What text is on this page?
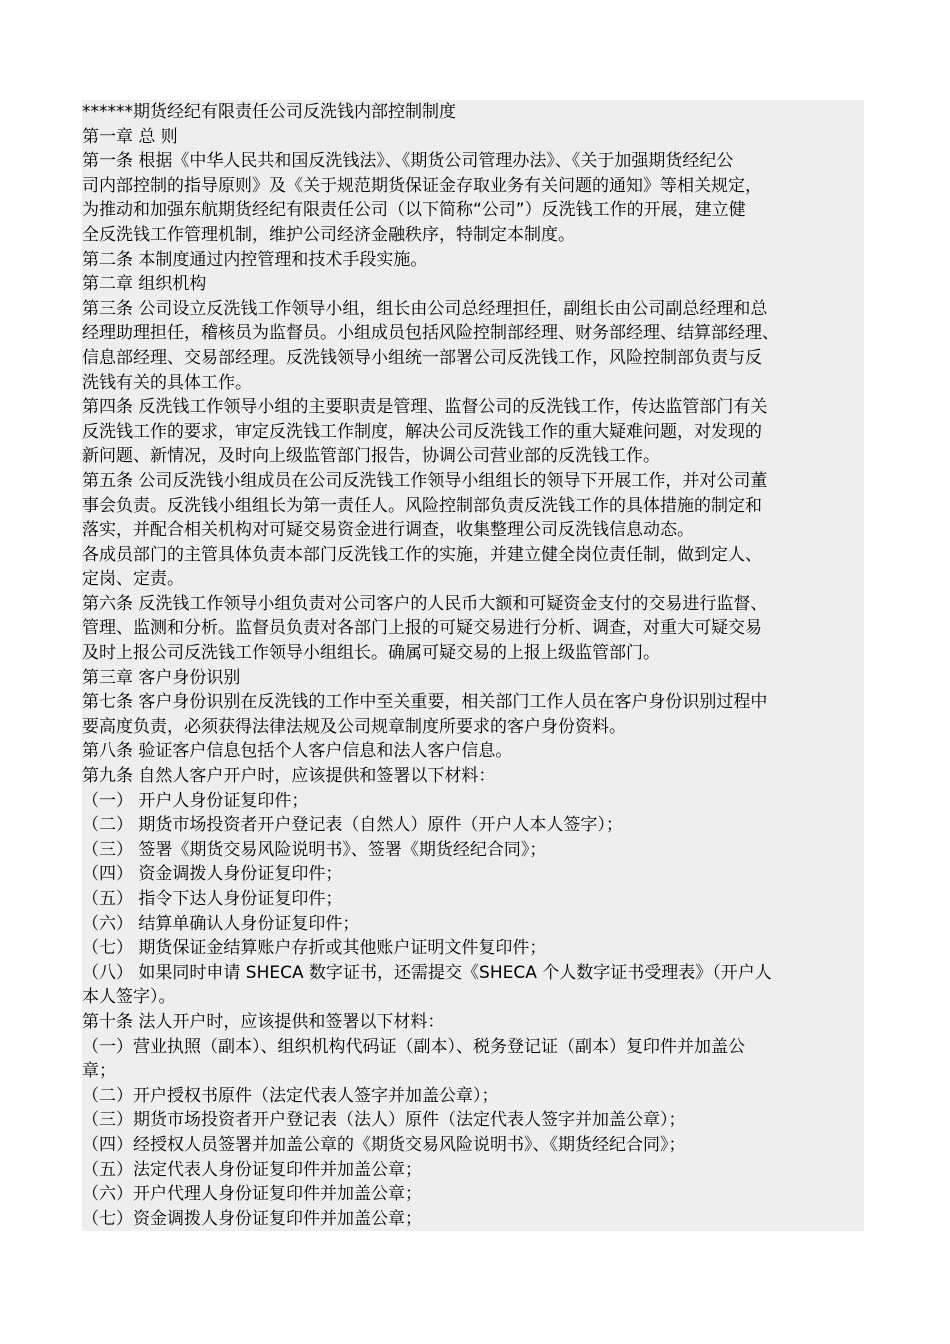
******期货经纪有限责任公司反洗钱内部控制制度
第一章 总 则
第一条 根据《中华人民共和国反洗钱法》、《期货公司管理办法》、《关于加强期货经纪公
司内部控制的指导原则》及《关于规范期货保证金存取业务有关问题的通知》等相关规定，
为推动和加强东航期货经纪有限责任公司（以下简称“公司”）反洗钱工作的开展，建立健
全反洗钱工作管理机制，维护公司经济金融秩序，特制定本制度。
第二条 本制度通过内控管理和技术手段实施。
第二章 组织机构
第三条 公司设立反洗钱工作领导小组，组长由公司总经理担任，副组长由公司副总经理和总
经理助理担任，稽核员为监督员。小组成员包括风险控制部经理、财务部经理、结算部经理、
信息部经理、交易部经理。反洗钱领导小组统一部署公司反洗钱工作，风险控制部负责与反
洗钱有关的具体工作。
第四条 反洗钱工作领导小组的主要职责是管理、监督公司的反洗钱工作，传达监管部门有关
反洗钱工作的要求，审定反洗钱工作制度，解决公司反洗钱工作的重大疑难问题，对发现的
新问题、新情况，及时向上级监管部门报告，协调公司营业部的反洗钱工作。
第五条 公司反洗钱小组成员在公司反洗钱工作领导小组组长的领导下开展工作，并对公司董
事会负责。反洗钱小组组长为第一责任人。风险控制部负责反洗钱工作的具体措施的制定和
落实，并配合相关机构对可疑交易资金进行调查，收集整理公司反洗钱信息动态。
各成员部门的主管具体负责本部门反洗钱工作的实施，并建立健全岗位责任制，做到定人、
定岗、定责。
第六条 反洗钱工作领导小组负责对公司客户的人民币大额和可疑资金支付的交易进行监督、
管理、监测和分析。监督员负责对各部门上报的可疑交易进行分析、调查，对重大可疑交易
及时上报公司反洗钱工作领导小组组长。确属可疑交易的上报上级监管部门。
第三章 客户身份识别
第七条 客户身份识别在反洗钱的工作中至关重要，相关部门工作人员在客户身份识别过程中
要高度负责，必须获得法律法规及公司规章制度所要求的客户身份资料。
第八条 验证客户信息包括个人客户信息和法人客户信息。
第九条 自然人客户开户时，应该提供和签署以下材料：
（一） 开户人身份证复印件；
（二） 期货市场投资者开户登记表（自然人）原件（开户人本人签字）；
（三） 签署《期货交易风险说明书》、签署《期货经纪合同》；
（四） 资金调拨人身份证复印件；
（五） 指令下达人身份证复印件；
（六） 结算单确认人身份证复印件；
（七） 期货保证金结算账户存折或其他账户证明文件复印件；
（八） 如果同时申请 SHECA 数字证书，还需提交《SHECA 个人数字证书受理表》（开户人
本人签字）。
第十条 法人开户时，应该提供和签署以下材料：
（一）营业执照（副本）、组织机构代码证（副本）、税务登记证（副本）复印件并加盖公
章；
（二）开户授权书原件（法定代表人签字并加盖公章）；
（三）期货市场投资者开户登记表（法人）原件（法定代表人签字并加盖公章）；
（四）经授权人员签署并加盖公章的《期货交易风险说明书》、《期货经纪合同》；
（五）法定代表人身份证复印件并加盖公章；
（六）开户代理人身份证复印件并加盖公章；
（七）资金调拨人身份证复印件并加盖公章；
